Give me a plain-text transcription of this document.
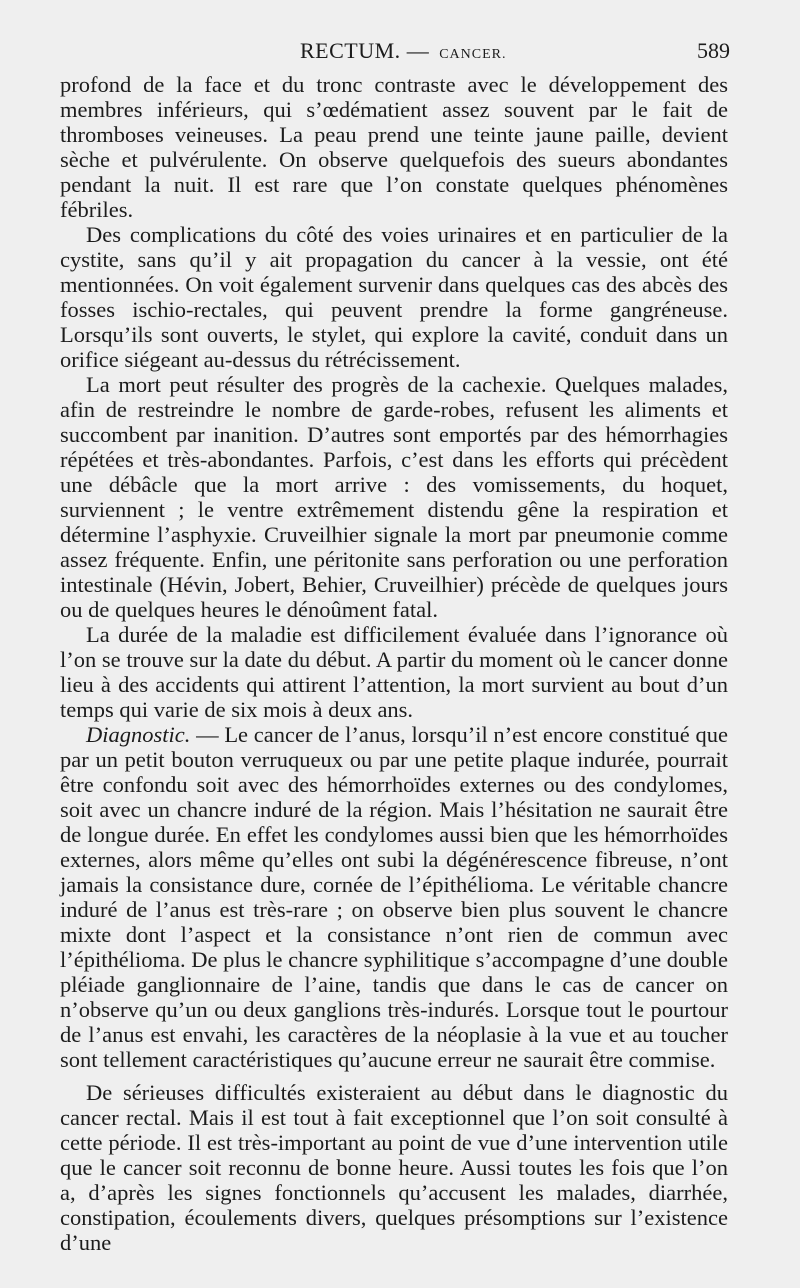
RECTUM. — CANCER.	589

profond de la face et du tronc contraste avec le développement des membres inférieurs, qui s’œdématient assez souvent par le fait de thromboses veineuses. La peau prend une teinte jaune paille, devient sèche et pulvérulente. On observe quelquefois des sueurs abondantes pendant la nuit. Il est rare que l’on constate quelques phénomènes fébriles.

Des complications du côté des voies urinaires et en particulier de la cystite, sans qu’il y ait propagation du cancer à la vessie, ont été mentionnées. On voit également survenir dans quelques cas des abcès des fosses ischio-rectales, qui peuvent prendre la forme gangréneuse. Lorsqu’ils sont ouverts, le stylet, qui explore la cavité, conduit dans un orifice siégeant au-dessus du rétrécissement.

La mort peut résulter des progrès de la cachexie. Quelques malades, afin de restreindre le nombre de garde-robes, refusent les aliments et succombent par inanition. D’autres sont emportés par des hémorrhagies répétées et très-abondantes. Parfois, c’est dans les efforts qui précèdent une débâcle que la mort arrive : des vomissements, du hoquet, surviennent ; le ventre extrêmement distendu gêne la respiration et détermine l’asphyxie. Cruveilhier signale la mort par pneumonie comme assez fréquente. Enfin, une péritonite sans perforation ou une perforation intestinale (Hévin, Jobert, Behier, Cruveilhier) précède de quelques jours ou de quelques heures le dénoûment fatal.

La durée de la maladie est difficilement évaluée dans l’ignorance où l’on se trouve sur la date du début. A partir du moment où le cancer donne lieu à des accidents qui attirent l’attention, la mort survient au bout d’un temps qui varie de six mois à deux ans.

Diagnostic. — Le cancer de l’anus, lorsqu’il n’est encore constitué que par un petit bouton verruqueux ou par une petite plaque indurée, pourrait être confondu soit avec des hémorrhoïdes externes ou des condylomes, soit avec un chancre induré de la région. Mais l’hésitation ne saurait être de longue durée. En effet les condylomes aussi bien que les hémorrhoïdes externes, alors même qu’elles ont subi la dégénérescence fibreuse, n’ont jamais la consistance dure, cornée de l’épithélioma. Le véritable chancre induré de l’anus est très-rare ; on observe bien plus souvent le chancre mixte dont l’aspect et la consistance n’ont rien de commun avec l’épithélioma. De plus le chancre syphilitique s’accompagne d’une double pléiade ganglionnaire de l’aine, tandis que dans le cas de cancer on n’observe qu’un ou deux ganglions très-indurés. Lorsque tout le pourtour de l’anus est envahi, les caractères de la néoplasie à la vue et au toucher sont tellement caractéristiques qu’aucune erreur ne saurait être commise.

De sérieuses difficultés existeraient au début dans le diagnostic du cancer rectal. Mais il est tout à fait exceptionnel que l’on soit consulté à cette période. Il est très-important au point de vue d’une intervention utile que le cancer soit reconnu de bonne heure. Aussi toutes les fois que l’on a, d’après les signes fonctionnels qu’accusent les malades, diarrhée, constipation, écoulements divers, quelques présomptions sur l’existence d’une
